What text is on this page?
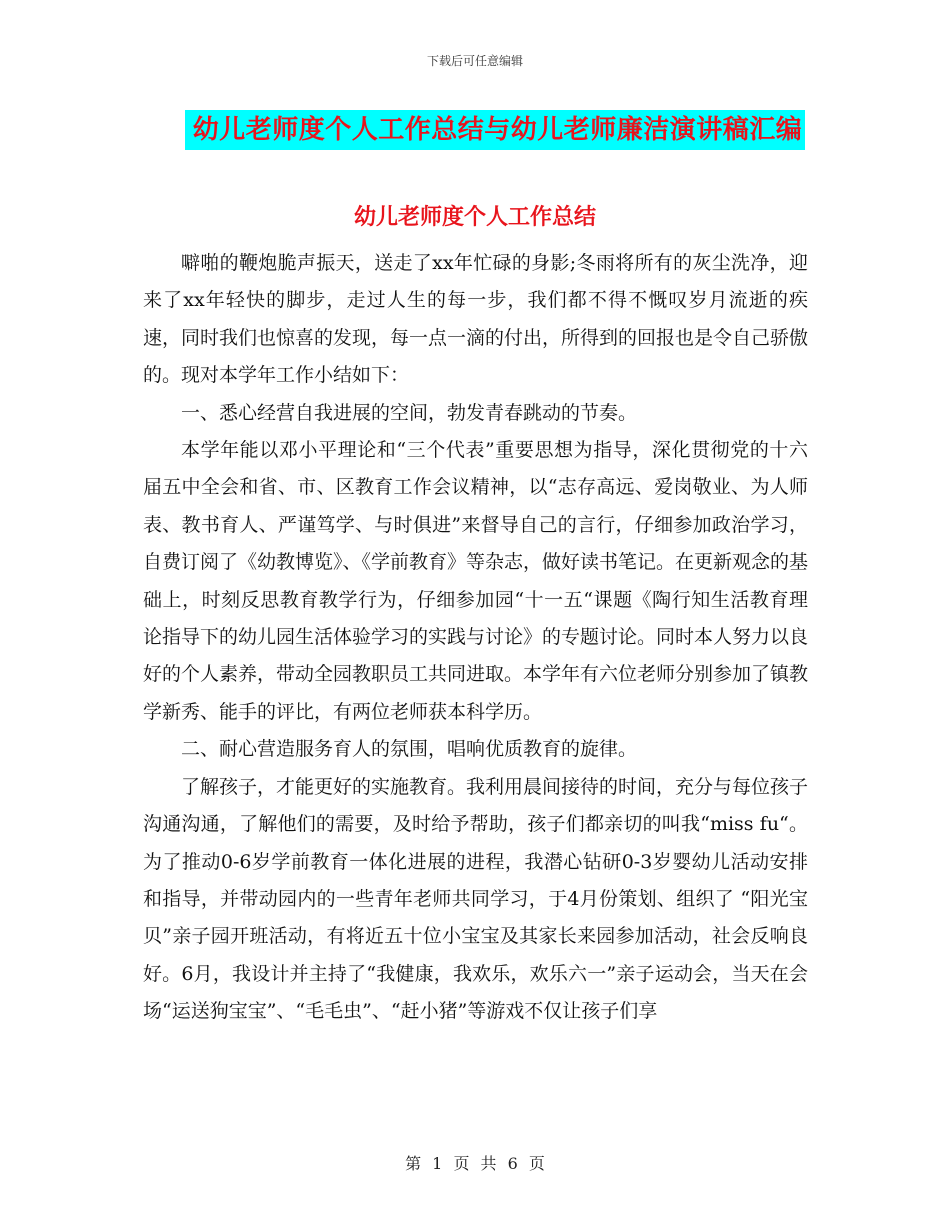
下载后可任意编辑
幼儿老师度个人工作总结与幼儿老师廉洁演讲稿汇编
幼儿老师度个人工作总结

噼啪的鞭炮脆声振天，送走了xx年忙碌的身影;冬雨将所有的灰尘洗净，迎来了xx年轻快的脚步，走过人生的每一步，我们都不得不慨叹岁月流逝的疾速，同时我们也惊喜的发现，每一点一滴的付出，所得到的回报也是令自己骄傲的。现对本学年工作小结如下：

一、悉心经营自我进展的空间，勃发青春跳动的节奏。

本学年能以邓小平理论和“三个代表”重要思想为指导，深化贯彻党的十六届五中全会和省、市、区教育工作会议精神，以“志存高远、爱岗敬业、为人师表、教书育人、严谨笃学、与时俱进”来督导自己的言行，仔细参加政治学习，自费订阅了《幼教博览》、《学前教育》等杂志，做好读书笔记。在更新观念的基础上，时刻反思教育教学行为，仔细参加园“十一五“课题《陶行知生活教育理论指导下的幼儿园生活体验学习的实践与讨论》的专题讨论。同时本人努力以良好的个人素养，带动全园教职员工共同进取。本学年有六位老师分别参加了镇教学新秀、能手的评比，有两位老师获本科学历。

二、耐心营造服务育人的氛围，唱响优质教育的旋律。

了解孩子，才能更好的实施教育。我利用晨间接待的时间，充分与每位孩子沟通沟通，了解他们的需要，及时给予帮助，孩子们都亲切的叫我“miss fu“。为了推动0-6岁学前教育一体化进展的进程，我潜心钻研0-3岁婴幼儿活动安排和指导，并带动园内的一些青年老师共同学习，于4月份策划、组织了 “阳光宝贝”亲子园开班活动，有将近五十位小宝宝及其家长来园参加活动，社会反响良好。6月，我设计并主持了“我健康，我欢乐，欢乐六一”亲子运动会，当天在会场“运送狗宝宝”、“毛毛虫”、“赶小猪”等游戏不仅让孩子们享

第 1 页 共 6 页
